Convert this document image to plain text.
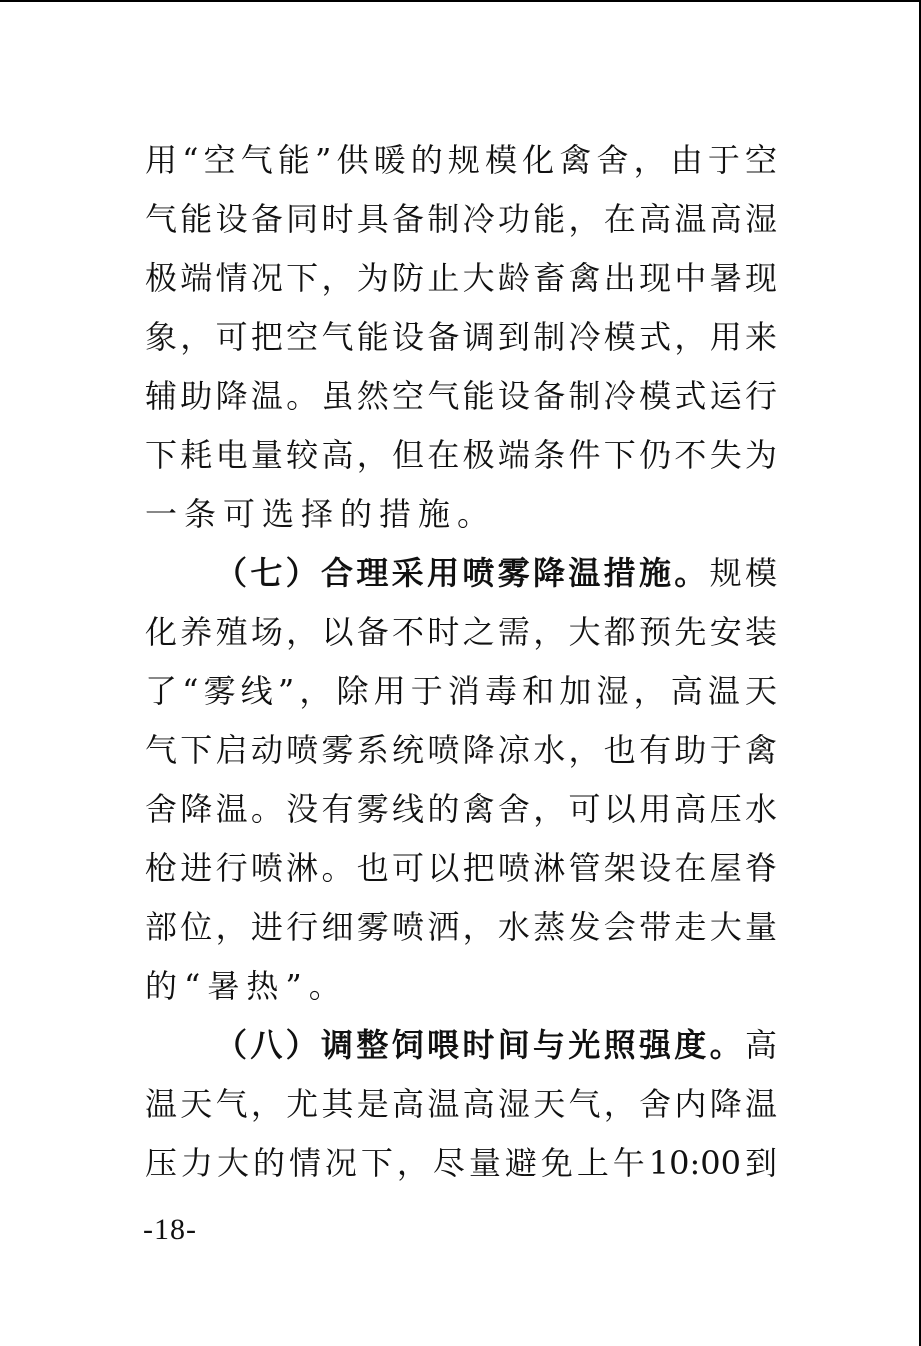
用“空气能”供暖的规模化禽舍，由于空
气能设备同时具备制冷功能，在高温高湿
极端情况下，为防止大龄畜禽出现中暑现
象，可把空气能设备调到制冷模式，用来
辅助降温。虽然空气能设备制冷模式运行
下耗电量较高，但在极端条件下仍不失为
一条可选择的措施。
（七）合理采用喷雾降温措施。规模
化养殖场，以备不时之需，大都预先安装
了“雾线”，除用于消毒和加湿，高温天
气下启动喷雾系统喷降凉水，也有助于禽
舍降温。没有雾线的禽舍，可以用高压水
枪进行喷淋。也可以把喷淋管架设在屋脊
部位，进行细雾喷洒，水蒸发会带走大量
的“暑热”。
（八）调整饲喂时间与光照强度。高
温天气，尤其是高温高湿天气，舍内降温
压力大的情况下，尽量避免上午10:00到
-18-
